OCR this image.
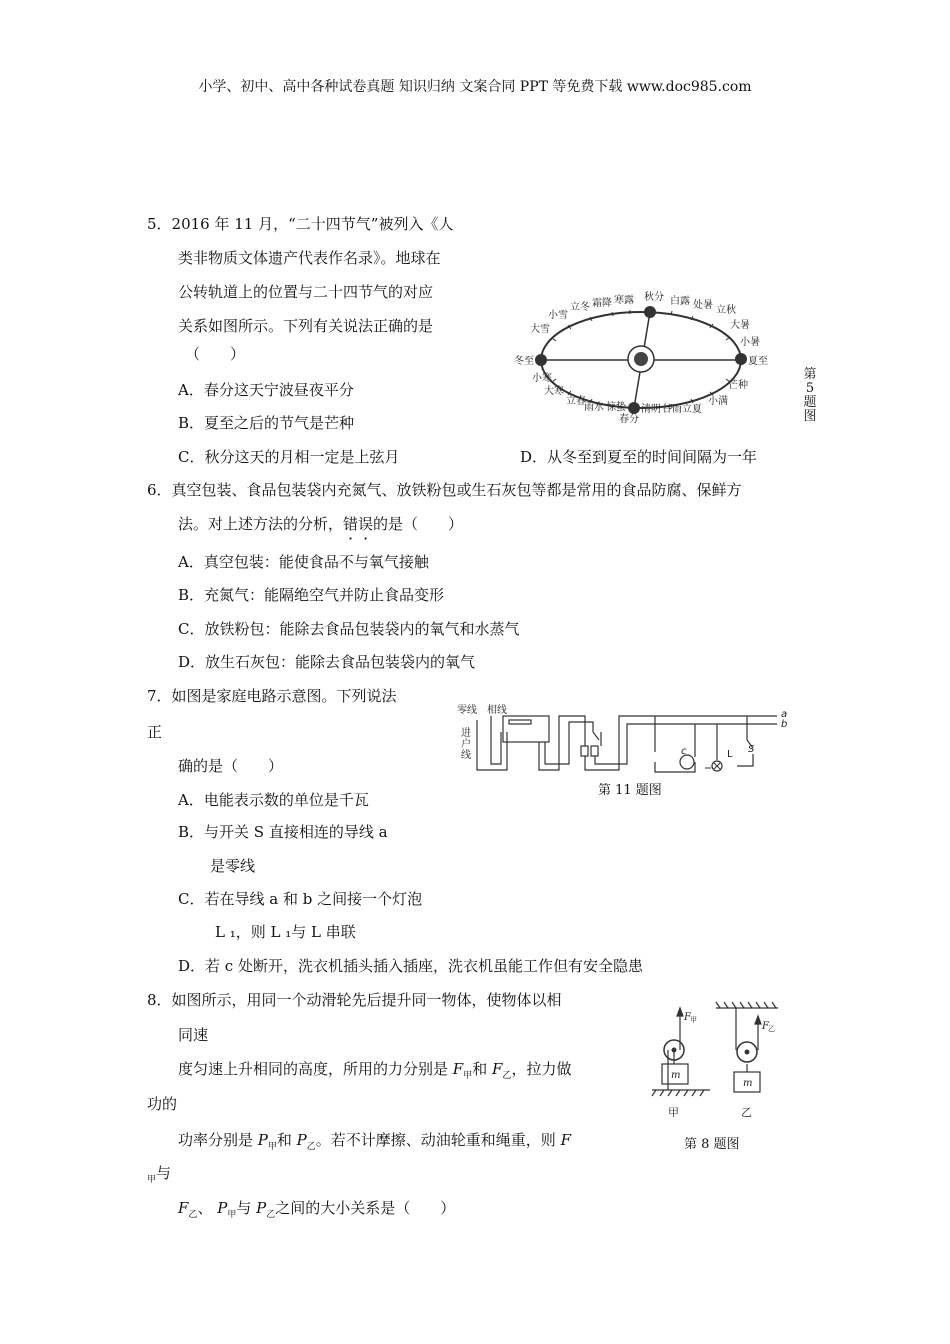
小学、初中、高中各种试卷真题 知识归纳 文案合同 PPT 等免费下载 www.doc985.com
5．2016 年 11 月，“二十四节气”被列入《人
类非物质文体遗产代表作名录》。地球在
公转轨道上的位置与二十四节气的对应
关系如图所示。下列有关说法正确的是
（　　）
A．春分这天宁波昼夜平分
B．夏至之后的节气是芒种
C．秋分这天的月相一定是上弦月	D．从冬至到夏至的时间间隔为一年
秋分 白露 处暑 立秋
大暑
小暑
夏至
芒种
小满
立夏
谷雨
清明
春分
惊蛰
雨水
立春
大寒
小寒
冬至
大雪
小雪
立冬 霜降 寒露
第
5
题
图
6．真空包装、食品包装袋内充氮气、放铁粉包或生石灰包等都是常用的食品防腐、保鲜方
法。对上述方法的分析，错误的是（　　）
A．真空包装：能使食品不与氧气接触
B．充氮气：能隔绝空气并防止食品变形
C．放铁粉包：能除去食品包装袋内的氧气和水蒸气
D．放生石灰包：能除去食品包装袋内的氧气
7．如图是家庭电路示意图。下列说法
正
确的是（　　）
A．电能表示数的单位是千瓦
B．与开关 S 直接相连的导线 a
是零线
C．若在导线 a 和 b 之间接一个灯泡
L ₁，则 L ₁与 L 串联
D．若 c 处断开，洗衣机插头插入插座，洗衣机虽能工作但有安全隐患
零线 相线
进
户
线
a
b
c	L S
第 11 题图
8．如图所示，用同一个动滑轮先后提升同一物体，使物体以相
同速
度匀速上升相同的高度，所用的力分别是 $F_甲$和 $F_乙$，拉力做
功的
功率分别是 $P_甲$和 $P_乙$。若不计摩擦、动油轮重和绳重，则 F
$_甲$与
$F_乙$、 $P_甲$与 $P_乙$之间的大小关系是（　　）
F
F
m
m
甲
乙
甲	乙
第 8 题图
